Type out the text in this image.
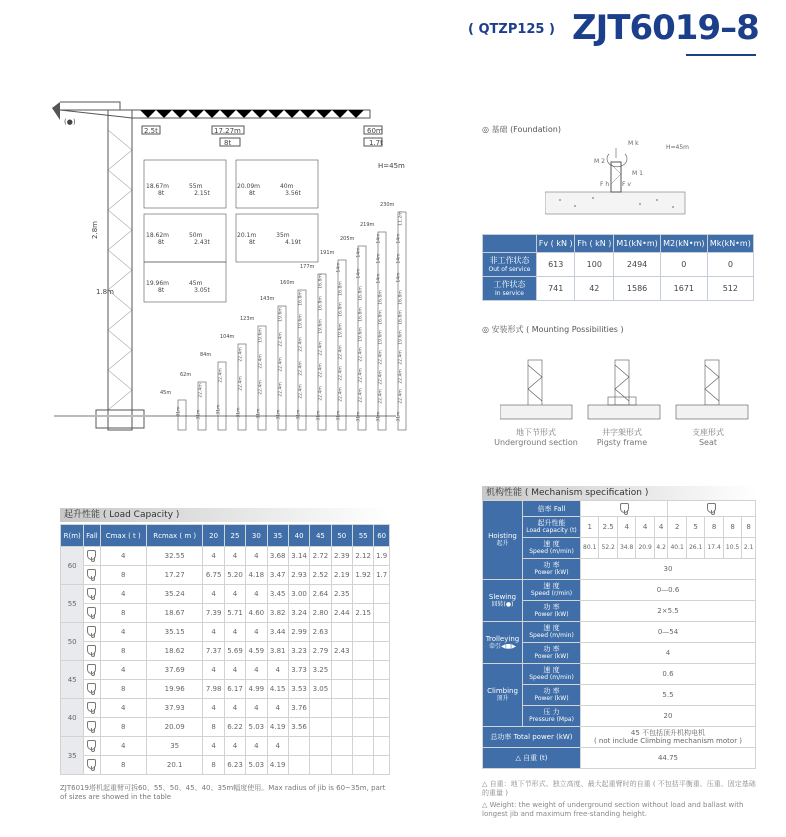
( QTZP125 ) ZJT6019–8
(●)
2.5t	17.27m
8t
60m
1.7t
H=45m
2.8m
1.8m
18.67m	55m
8t	2.15t
20.09m	40m
8t	3.56t
18.62m	50m
8t	2.43t
20.1m	35m
8t	4.19t
19.96m	45m
8t	3.05t
45m
31m
62m
31m
22.4m
84m
31m
22.4m
104m
31m
22.4m
22.4m
123m
31m
22.4m
22.4m
19.6m
143m
31m
22.4m
22.4m
22.4m
19.6m
160m
31m
22.4m
22.4m
22.4m
19.6m
16.8m
177m
31m
22.4m
22.4m
22.4m
19.6m
16.8m
16.8m
191m
31m
22.4m
22.4m
22.4m
19.6m
16.8m
16.8m
14m
205m
31m
22.4m
22.4m
22.4m
19.6m
16.8m
16.8m
14m
14m
219m
31m
22.4m
22.4m
22.4m
19.6m
16.8m
16.8m
14m
14m
14m
230m
31m
22.4m
22.4m
22.4m
19.6m
16.8m
16.8m
14m
14m
14m
11.2m
◎ 基础 (Foundation)
M k
H=45m
M 2
M 1
F h F v
	Fv ( kN )	Fh ( kN )	M1(kN•m)	M2(kN•m)	Mk(kN•m)
非工作状态
Out of service	613	100	2494	0	0
工作状态
In service	741	42	1586	1671	512
◎ 安装形式 ( Mounting Possibilities )
地下节形式
Underground section
井字架形式
Pigsty frame
支座形式
Seat
起升性能 ( Load Capacity )
R(m)	Fall	Cmax ( t )	Rcmax ( m )	20	25	30	35	40	45	50	55	60
60		4	32.55	4	4	4	3.68	3.14	2.72	2.39	2.12	1.9
		8	17.27	6.75	5.20	4.18	3.47	2.93	2.52	2.19	1.92	1.7
55		4	35.24	4	4	4	3.45	3.00	2.64	2.35		
		8	18.67	7.39	5.71	4.60	3.82	3.24	2.80	2.44	2.15	
50		4	35.15	4	4	4	3.44	2.99	2.63			
		8	18.62	7.37	5.69	4.59	3.81	3.23	2.79	2.43		
45		4	37.69	4	4	4	4	3.73	3.25			
		8	19.96	7.98	6.17	4.99	4.15	3.53	3.05			
40		4	37.93	4	4	4	4	3.76				
		8	20.09	8	6.22	5.03	4.19	3.56				
35		4	35	4	4	4	4					
		8	20.1	8	6.23	5.03	4.19					
ZJT6019塔机起重臂可拆60、55、50、45、40、35m幅度使用。Max radius of jib is 60~35m, part of sizes are showed in the table
机构性能 ( Mechanism specification )
Hoisting
起升	倍率 Fall										
	起升性能
Load capacity (t)	1	2.5	4	4	4	2	5	8	8	8
	速 度
Speed (m/min)	80.1	52.2	34.8	20.9	4.2	40.1	26.1	17.4	10.5	2.1
	功 率
Power (kW)	30									
Slewing
回转(●)	速 度
Speed (r/min)	0—0.6									
	功 率
Power (kW)	2×5.5									
Trolleying
牵引◀■▶	速 度
Speed (m/min)	0—54									
	功 率
Power (kW)	4									
Climbing
顶升	速 度
Speed (m/min)	0.6									
	功 率
Power (kW)	5.5									
	压 力
Pressure (Mpa)	20									
总功率 Total power (kW)		45 不包括顶升机构电机
( not include Climbing mechanism motor )									
△ 自重 (t)		44.75									
△ 自重：地下节形式、独立高度、最大起重臂时的自重 ( 不包括平衡重、压重、固定基础的重量 )
△ Weight: the weight of underground section without load and ballast with longest jib and maximum free-standing height.
